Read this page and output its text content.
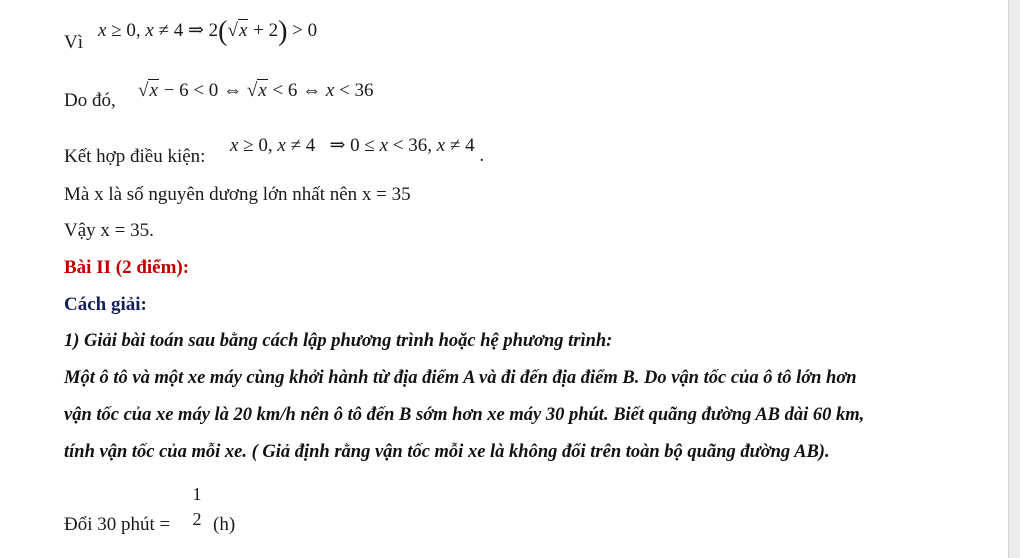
Vì
x ≥ 0, x ≠ 4 ⇒ 2(√x + 2) > 0
Do đó, √x − 6 < 0 ⇔ √x < 6 ⇔ x < 36
Kết hợp điều kiện:
x ≥ 0, x ≠ 4   ⇒ 0 ≤ x < 36, x ≠ 4 .
Mà x là số nguyên dương lớn nhất nên x = 35
Vậy x = 35.
Bài II (2 điểm):
Cách giải:
1) Giải bài toán sau bằng cách lập phương trình hoặc hệ phương trình:
Một ô tô và một xe máy cùng khởi hành từ địa điểm A và đi đến địa điểm B. Do vận tốc của ô tô lớn hơn
vận tốc của xe máy là 20 km/h nên ô tô đến B sớm hơn xe máy 30 phút. Biết quãng đường AB dài 60 km,
tính vận tốc của mỗi xe. ( Giả định rằng vận tốc mỗi xe là không đổi trên toàn bộ quãng đường AB).
Đổi 30 phút =
1
2 (h)
